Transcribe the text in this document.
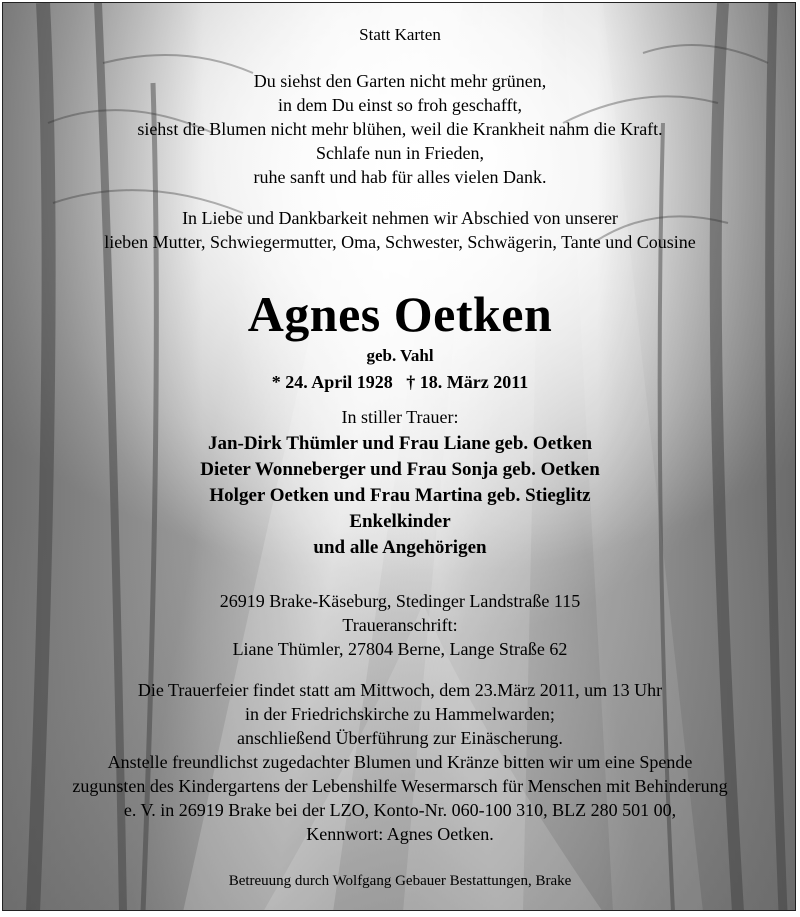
Statt Karten
Du siehst den Garten nicht mehr grünen,
in dem Du einst so froh geschafft,
siehst die Blumen nicht mehr blühen, weil die Krankheit nahm die Kraft.
Schlafe nun in Frieden,
ruhe sanft und hab für alles vielen Dank.
In Liebe und Dankbarkeit nehmen wir Abschied von unserer
lieben Mutter, Schwiegermutter, Oma, Schwester, Schwägerin, Tante und Cousine
Agnes Oetken
geb. Vahl
* 24. April 1928   † 18. März 2011
In stiller Trauer:
Jan-Dirk Thümler und Frau Liane geb. Oetken
Dieter Wonneberger und Frau Sonja geb. Oetken
Holger Oetken und Frau Martina geb. Stieglitz
Enkelkinder
und alle Angehörigen
26919 Brake-Käseburg, Stedinger Landstraße 115
Traueranschrift:
Liane Thümler, 27804 Berne, Lange Straße 62
Die Trauerfeier findet statt am Mittwoch, dem 23.März 2011, um 13 Uhr
in der Friedrichskirche zu Hammelwarden;
anschließend Überführung zur Einäscherung.
Anstelle freundlichst zugedachter Blumen und Kränze bitten wir um eine Spende
zugunsten des Kindergartens der Lebenshilfe Wesermarsch für Menschen mit Behinderung
e. V. in 26919 Brake bei der LZO, Konto-Nr. 060-100 310, BLZ 280 501 00,
Kennwort: Agnes Oetken.
Betreuung durch Wolfgang Gebauer Bestattungen, Brake
